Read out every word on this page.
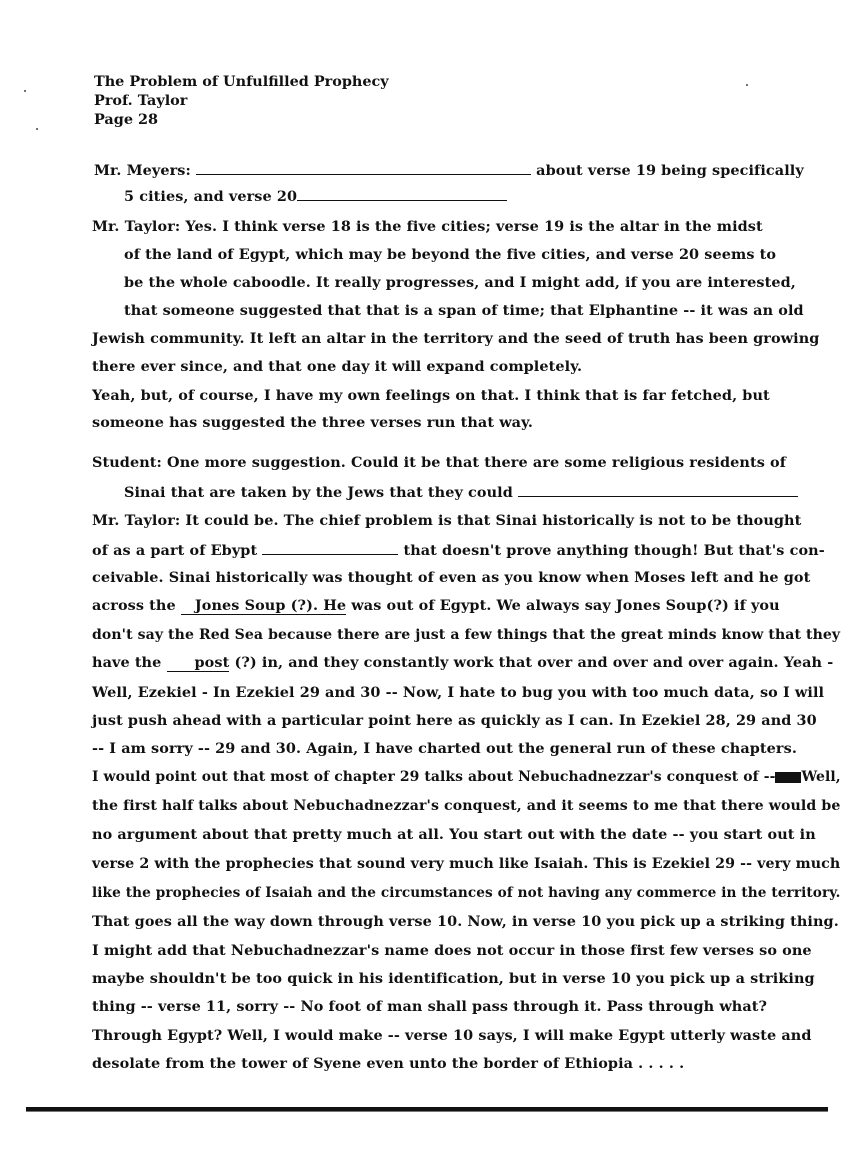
The Problem of Unfulfilled Prophecy
Prof. Taylor
Page 28
Mr. Meyers:	about verse 19 being specifically
5 cities, and verse 20
Mr. Taylor: Yes. I think verse 18 is the five cities; verse 19 is the altar in the midst
of the land of Egypt, which may be beyond the five cities, and verse 20 seems to
be the whole caboodle. It really progresses, and I might add, if you are interested,
that someone suggested that that is a span of time; that Elphantine -- it was an old
Jewish community. It left an altar in the territory and the seed of truth has been growing
there ever since, and that one day it will expand completely.
Yeah, but, of course, I have my own feelings on that. I think that is far fetched, but
someone has suggested the three verses run that way.
Student: One more suggestion. Could it be that there are some religious residents of
Sinai that are taken by the Jews that they could
Mr. Taylor: It could be. The chief problem is that Sinai historically is not to be thought
of as a part of Ebypt	that doesn't prove anything though! But that's con-
ceivable. Sinai historically was thought of even as you know when Moses left and he got
across the Jones Soup (?). He was out of Egypt. We always say Jones Soup(?) if you
don't say the Red Sea because there are just a few things that the great minds know that they
have the post (?) in, and they constantly work that over and over and over again. Yeah -
Well, Ezekiel - In Ezekiel 29 and 30 -- Now, I hate to bug you with too much data, so I will
just push ahead with a particular point here as quickly as I can. In Ezekiel 28, 29 and 30
-- I am sorry -- 29 and 30. Again, I have charted out the general run of these chapters.
I would point out that most of chapter 29 talks about Nebuchadnezzar's conquest of -- Well,
the first half talks about Nebuchadnezzar's conquest, and it seems to me that there would be
no argument about that pretty much at all. You start out with the date -- you start out in
verse 2 with the prophecies that sound very much like Isaiah. This is Ezekiel 29 -- very much
like the prophecies of Isaiah and the circumstances of not having any commerce in the territory.
That goes all the way down through verse 10. Now, in verse 10 you pick up a striking thing.
I might add that Nebuchadnezzar's name does not occur in those first few verses so one
maybe shouldn't be too quick in his identification, but in verse 10 you pick up a striking
thing -- verse 11, sorry -- No foot of man shall pass through it. Pass through what?
Through Egypt? Well, I would make -- verse 10 says, I will make Egypt utterly waste and
desolate from the tower of Syene even unto the border of Ethiopia . . . . .
